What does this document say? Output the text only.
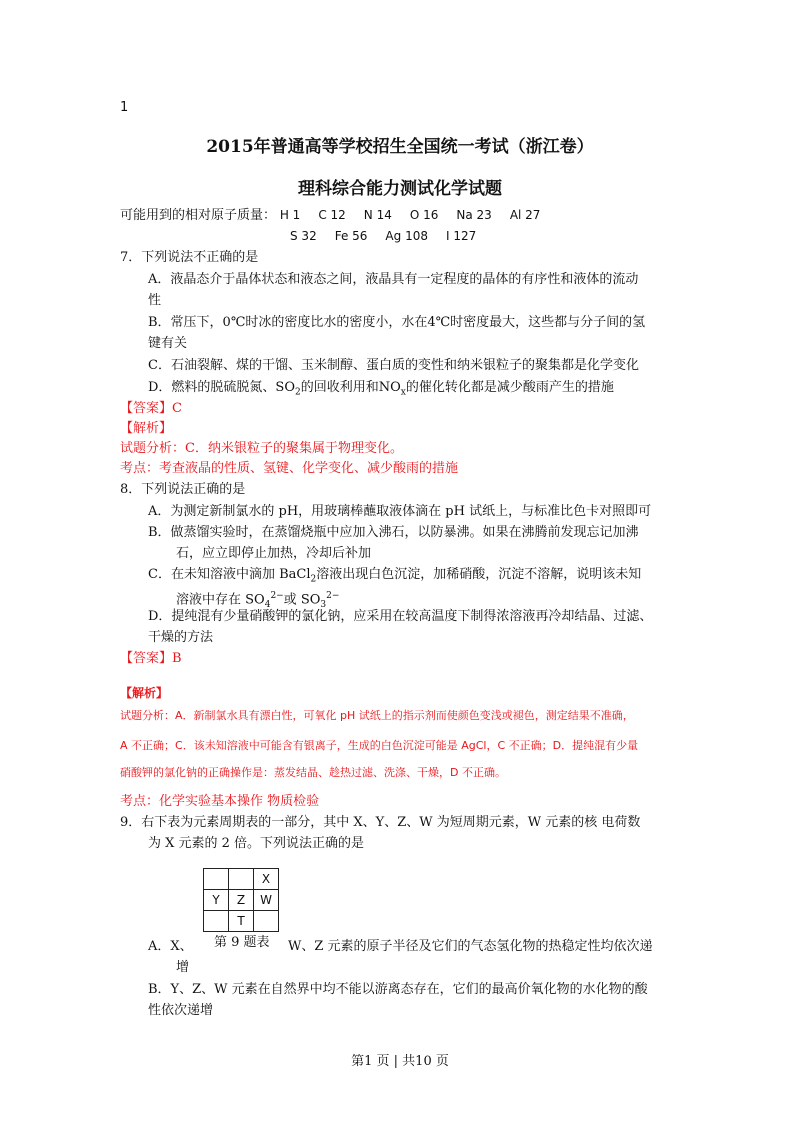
1
2015年普通高等学校招生全国统一考试（浙江卷）
理科综合能力测试化学试题
可能用到的相对原子质量： H 1 C 12 N 14 O 16 Na 23 Al 27
S 32 Fe 56 Ag 108 I 127
7．下列说法不正确的是
A．液晶态介于晶体状态和液态之间，液晶具有一定程度的晶体的有序性和液体的流动
性
B．常压下，0℃时冰的密度比水的密度小，水在4℃时密度最大，这些都与分子间的氢
键有关
C．石油裂解、煤的干馏、玉米制醇、蛋白质的变性和纳米银粒子的聚集都是化学变化
D．燃料的脱硫脱氮、$SO_2$的回收利用和$NO_x$的催化转化都是减少酸雨产生的措施
【答案】C
【解析】
试题分析：C．纳米银粒子的聚集属于物理变化。
考点：考查液晶的性质、氢键、化学变化、减少酸雨的措施
8．下列说法正确的是
A．为测定新制氯水的 pH，用玻璃棒蘸取液体滴在 pH 试纸上，与标准比色卡对照即可
B．做蒸馏实验时，在蒸馏烧瓶中应加入沸石，以防暴沸。如果在沸腾前发现忘记加沸
石，应立即停止加热，冷却后补加
C．在未知溶液中滴加 BaCl$_2$溶液出现白色沉淀，加稀硝酸，沉淀不溶解，说明该未知
溶液中存在 $SO_4^{2-}$或 $SO_3^{2-}$
D．提纯混有少量硝酸钾的氯化钠，应采用在较高温度下制得浓溶液再冷却结晶、过滤、
干燥的方法
【答案】B
【解析】
试题分析：A．新制氯水具有漂白性，可氧化 pH 试纸上的指示剂而使颜色变浅或褪色，测定结果不准确，
A 不正确；C．该未知溶液中可能含有银离子，生成的白色沉淀可能是 AgCl，C 不正确；D．提纯混有少量
硝酸钾的氯化钠的正确操作是：蒸发结晶、趁热过滤、洗涤、干燥，D 不正确。
考点：化学实验基本操作 物质检验
9．右下表为元素周期表的一部分，其中 X、Y、Z、W 为短周期元素，W 元素的核 电荷数
为 X 元素的 2 倍。下列说法正确的是
		X
Y	Z	W
	T	
A．X、 第 9 题表 W、Z 元素的原子半径及它们的气态氢化物的热稳定性均依次递
增
B．Y、Z、W 元素在自然界中均不能以游离态存在，它们的最高价氧化物的水化物的酸
性依次递增
第1 页 | 共10 页
